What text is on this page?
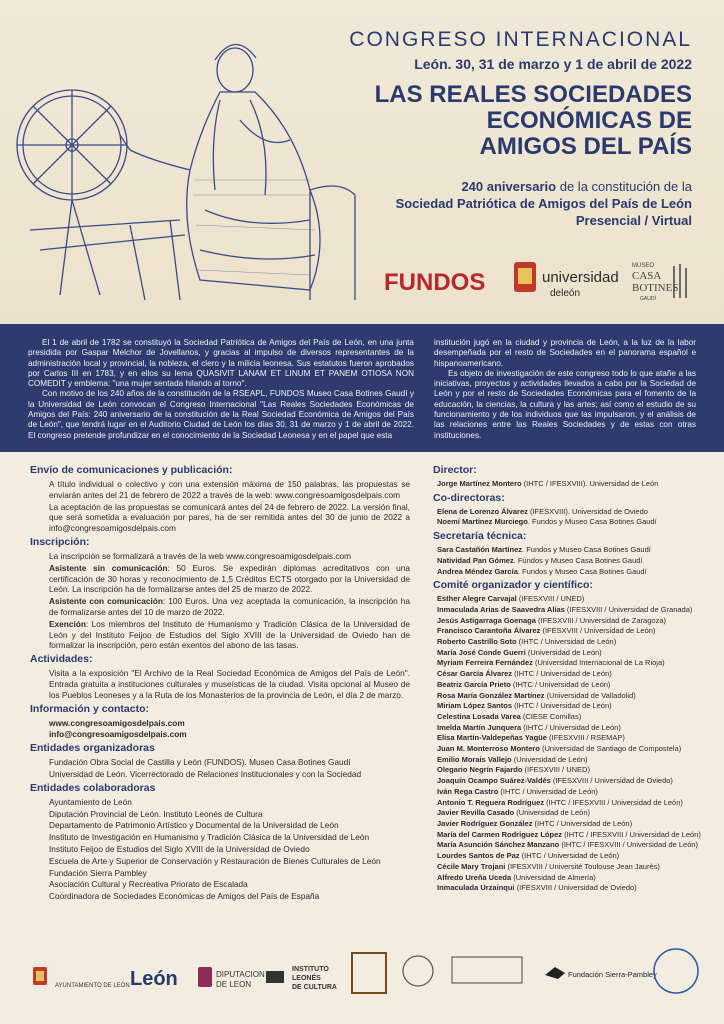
CONGRESO INTERNACIONAL

León. 30, 31 de marzo y 1 de abril de 2022

LAS REALES SOCIEDADES

ECONÓMICAS DE

AMIGOS DEL PAÍS

240 aniversario de la constitución de la
Sociedad Patriótica de Amigos del País de León
Presencial / Virtual
FUNDOS	universidad
deleón
MUSEO
CASA
BOTINES
GAUDÍ

El 1 de abril de 1782 se constituyó la Sociedad Patriótica de Amigos del País de León, en una junta presidida por Gaspar Melchor de Jovellanos, y gracias al impulso de diversos representantes de la administración local y provincial, la nobleza, el clero y la milicia leonesa. Sus estatutos fueron aprobados por Carlos III en 1783, y en ellos su lema QUASIVIT LANAM ET LINUM ET PANEM OTIOSA NON COMEDIT y emblema: "una mujer sentada hilando al torno".

Con motivo de los 240 años de la constitución de la RSEAPL, FUNDOS Museo Casa Botines Gaudí y la Universidad de León convocan el Congreso Internacional "Las Reales Sociedades Económicas de Amigos del País: 240 aniversario de la constitución de la Real Sociedad Económica de Amigos del País de León", que tendrá lugar en el Auditorio Ciudad de León los días 30, 31 de marzo y 1 de abril de 2022. El congreso pretende profundizar en el conocimiento de la Sociedad Leonesa y en el papel que esta

institución jugó en la ciudad y provincia de León, a la luz de la labor desempeñada por el resto de Sociedades en el panorama español e hispanoamericano.

Es objeto de investigación de este congreso todo lo que atañe a las iniciativas, proyectos y actividades llevados a cabo por la Sociedad de León y por el resto de Sociedades Económicas para el fomento de la educación, la ciencias, la cultura y las artes; así como el estudio de su funcionamiento y de los individuos que las impulsaron, y el análisis de las relaciones entre las Reales Sociedades y de estas con otras instituciones.

Envío de comunicaciones y publicación:

A título individual o colectivo y con una extensión máxima de 150 palabras, las propuestas se enviarán antes del 21 de febrero de 2022 a través de la web: www.congresoamigosdelpais.com

La aceptación de las propuestas se comunicará antes del 24 de febrero de 2022. La versión final, que será sometida a evaluación por pares, ha de ser remitida antes del 30 de junio de 2022 a info@congresoamigosdelpais.com

Inscripción:

La inscripción se formalizará a través de la web www.congresoamigosdelpais.com

Asistente sin comunicación: 50 Euros. Se expedirán diplomas acreditativos con una certificación de 30 horas y reconocimiento de 1,5 Créditos ECTS otorgado por la Universidad de León. La inscripción ha de formalizarse antes del 25 de marzo de 2022.

Asistente con comunicación: 100 Euros. Una vez aceptada la comunicación, la inscripción ha de formalizarse antes del 10 de marzo de 2022.

Exención: Los miembros del Instituto de Humanismo y Tradición Clásica de la Universidad de León y del Instituto Feijoo de Estudios del Siglo XVIII de la Universidad de Oviedo han de formalizar la inscripción, pero están exentos del abono de las tasas.

Actividades:

Visita a la exposición "El Archivo de la Real Sociedad Económica de Amigos del País de León". Entrada gratuita a instituciones culturales y museísticas de la ciudad. Visita opcional al Museo de los Pueblos Leoneses y a la Ruta de los Monasterios de la provincia de León, el día 2 de marzo.

Información y contacto:

www.congresoamigosdelpais.com

info@congresoamigosdelpais.com

Entidades organizadoras

Fundación Obra Social de Castilla y León (FUNDOS). Museo Casa Botines Gaudí

Universidad de León. Vicerrectorado de Relaciones Institucionales y con la Sociedad

Entidades colaboradoras

Ayuntamiento de León

Diputación Provincial de León. Instituto Leonés de Cultura

Departamento de Patrimonio Artístico y Documental de la Universidad de León

Instituto de Investigación en Humanismo y Tradición Clásica de la Universidad de León

Instituto Feijoo de Estudios del Siglo XVIII de la Universidad de Oviedo

Escuela de Arte y Superior de Conservación y Restauración de Bienes Culturales de León

Fundación Sierra Pambley

Asociación Cultural y Recreativa Priorato de Escalada

Coordinadora de Sociedades Económicas de Amigos del País de España

Director:

Jorge Martínez Montero (IHTC / IFESXVIII). Universidad de León

Co-directoras:

Elena de Lorenzo Álvarez (IFESXVIII). Universidad de Oviedo

Noemí Martínez Murciego. Fundos y Museo Casa Botines Gaudí

Secretaría técnica:

Sara Castañón Martínez. Fundos y Museo Casa Botines Gaudí

Natividad Pan Gómez. Fundos y Museo Casa Botines Gaudí

Andrea Méndez García. Fundos y Museo Casa Botines Gaudí

Comité organizador y científico:

Esther Alegre Carvajal (IFESXVIII / UNED)

Inmaculada Arias de Saavedra Alías (IFESXVIII / Universidad de Granada)

Jesús Astigarraga Goenaga (IFESXVIII / Universidad de Zaragoza)

Francisco Carantoña Álvarez (IFESXVIII / Universidad de León)

Roberto Castrillo Soto (IHTC / Universidad de León)

María José Conde Guerri (Universidad de León)

Myriam Ferreira Fernández (Universidad Internacional de La Rioja)

César García Álvarez (IHTC / Universidad de León)

Beatriz García Prieto (IHTC / Universidad de León)

Rosa María González Martínez (Universidad de Valladolid)

Miriam López Santos (IHTC / Universidad de León)

Celestina Losada Varea (CIESE Comillas)

Imelda Martín Junquera (IHTC / Universidad de León)

Elisa Martín-Valdepeñas Yagüe (IFESXVIII / RSEMAP)

Juan M. Monterroso Montero (Universidad de Santiago de Compostela)

Emilio Morais Vallejo (Universidad de León)

Olegario Negrín Fajardo (IFESXVIII / UNED)

Joaquín Ocampo Suárez-Valdés (IFESXVIII / Universidad de Oviedo)

Iván Rega Castro (IHTC / Universidad de León)

Antonio T. Reguera Rodríguez (IHTC / IFESXVIII / Universidad de León)

Javier Revilla Casado (Universidad de León)

Javier Rodríguez González (IHTC / Universidad de León)

María del Carmen Rodríguez López (IHTC / IFESXVIII / Universidad de León)

María Asunción Sánchez Manzano (IHTC / IFESXVIII / Universidad de León)

Lourdes Santos de Paz (IHTC / Universidad de León)

Cécile Mary Trojani (IFESXVIII / Université Toulouse Jean Jaurès)

Alfredo Ureña Uceda (Universidad de Almería)

Inmaculada Urzainqui (IFESXVIII / Universidad de Oviedo)

AYUNTAMIENTO DE LEÓN León	DIPUTACION
DE LEON
INSTITUTO
LEONÉS
DE CULTURA
Fundación Sierra-Pambley
